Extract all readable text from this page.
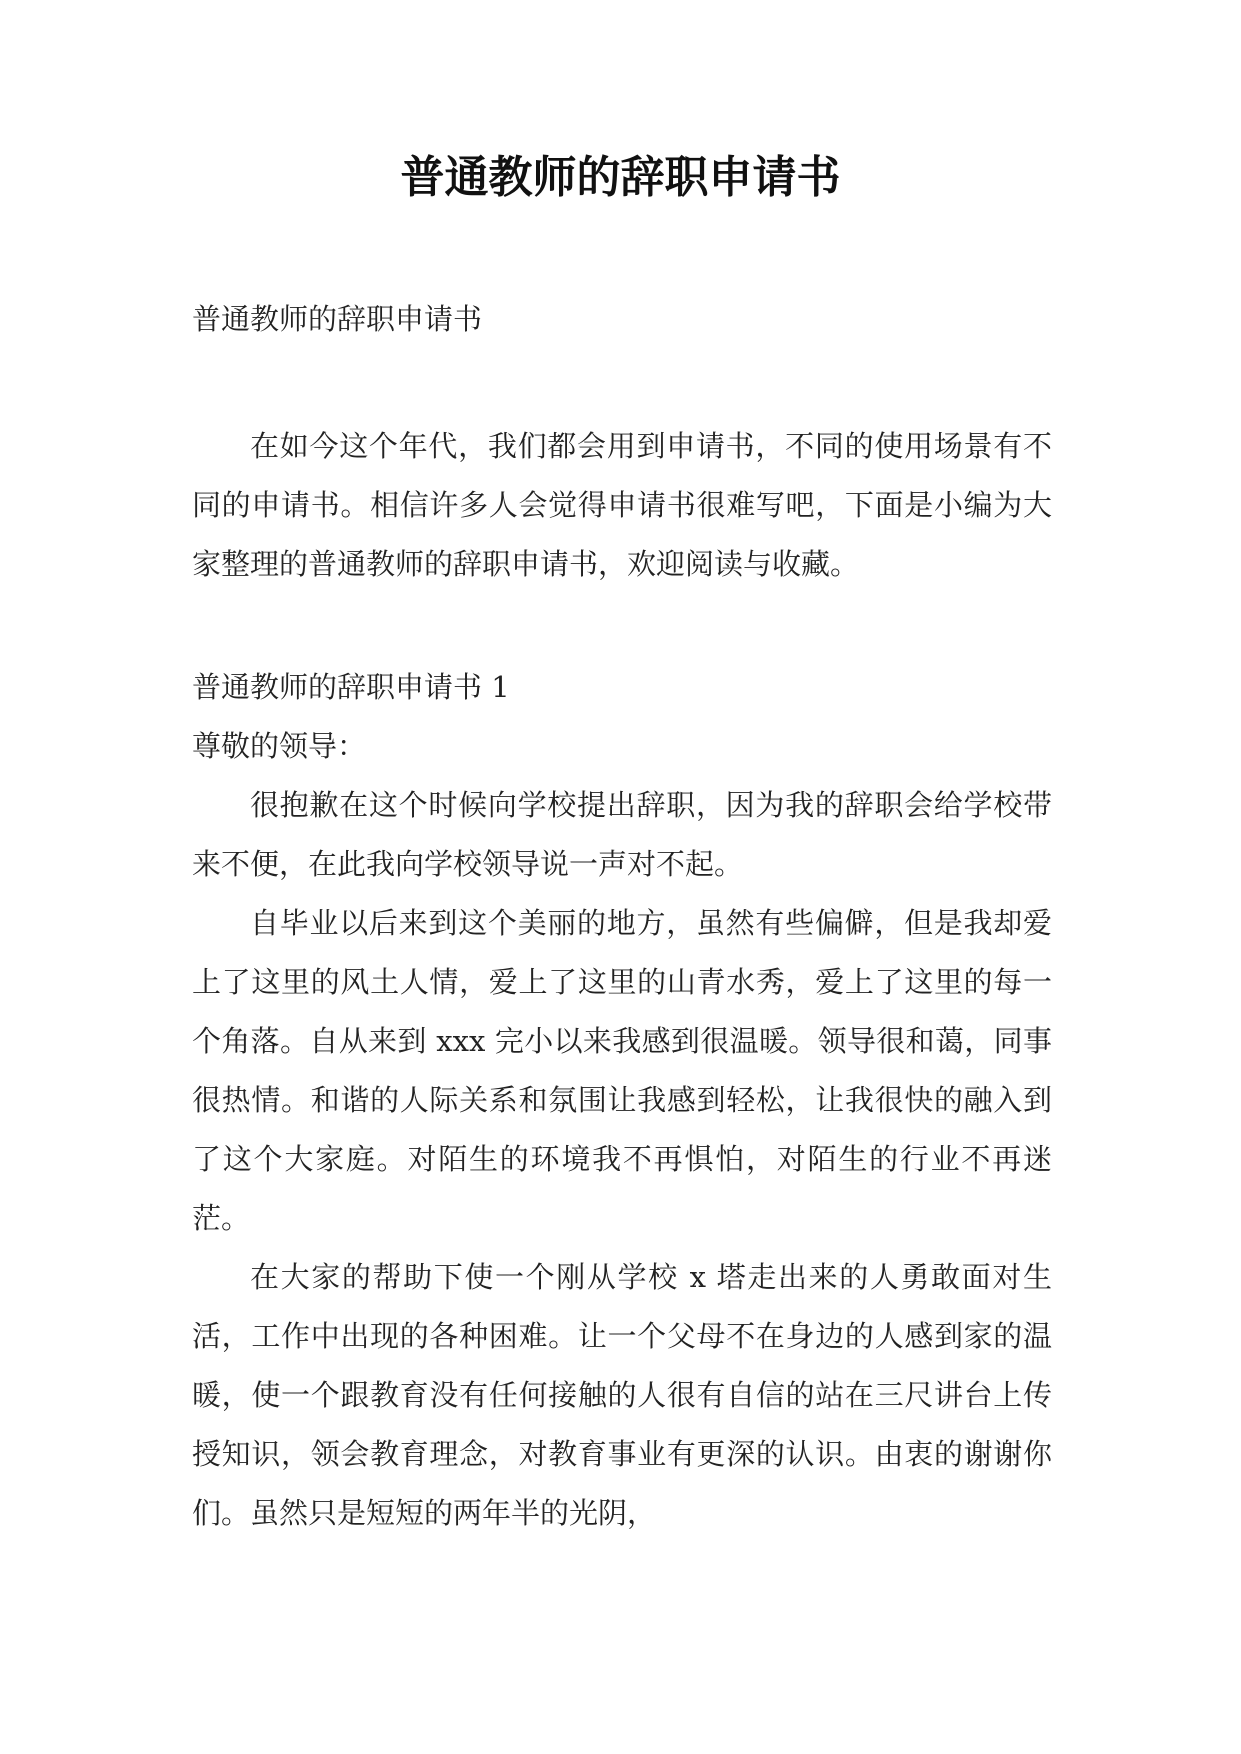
普通教师的辞职申请书

普通教师的辞职申请书

在如今这个年代，我们都会用到申请书，不同的使用场景有不同的申请书。相信许多人会觉得申请书很难写吧，下面是小编为大家整理的普通教师的辞职申请书，欢迎阅读与收藏。

普通教师的辞职申请书 1

尊敬的领导：

很抱歉在这个时候向学校提出辞职，因为我的辞职会给学校带来不便，在此我向学校领导说一声对不起。

自毕业以后来到这个美丽的地方，虽然有些偏僻，但是我却爱上了这里的风土人情，爱上了这里的山青水秀，爱上了这里的每一个角落。自从来到 xxx 完小以来我感到很温暖。领导很和蔼，同事很热情。和谐的人际关系和氛围让我感到轻松，让我很快的融入到了这个大家庭。对陌生的环境我不再惧怕，对陌生的行业不再迷茫。

在大家的帮助下使一个刚从学校 x 塔走出来的人勇敢面对生活，工作中出现的各种困难。让一个父母不在身边的人感到家的温暖，使一个跟教育没有任何接触的人很有自信的站在三尺讲台上传授知识，领会教育理念，对教育事业有更深的认识。由衷的谢谢你们。虽然只是短短的两年半的光阴，
